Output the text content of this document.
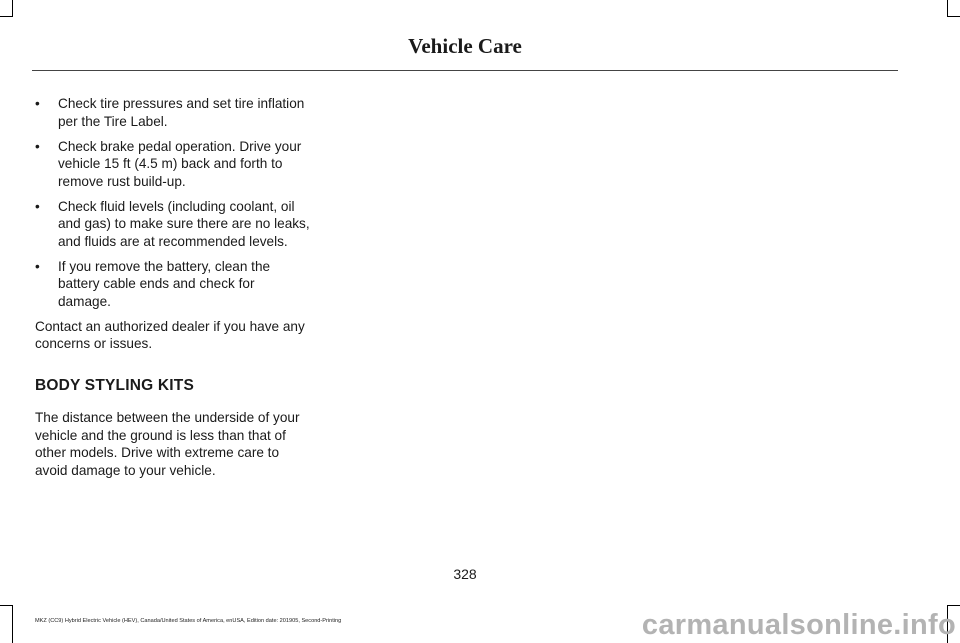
Vehicle Care
• Check tire pressures and set tire inflation per the Tire Label.
• Check brake pedal operation. Drive your vehicle 15 ft (4.5 m) back and forth to remove rust build-up.
• Check fluid levels (including coolant, oil and gas) to make sure there are no leaks, and fluids are at recommended levels.
• If you remove the battery, clean the battery cable ends and check for damage.

Contact an authorized dealer if you have any concerns or issues.

BODY STYLING KITS

The distance between the underside of your vehicle and the ground is less than that of other models. Drive with extreme care to avoid damage to your vehicle.

328

MKZ (CC9) Hybrid Electric Vehicle (HEV), Canada/United States of America, enUSA, Edition date: 201905, Second-Printing	carmanualsonline.info
